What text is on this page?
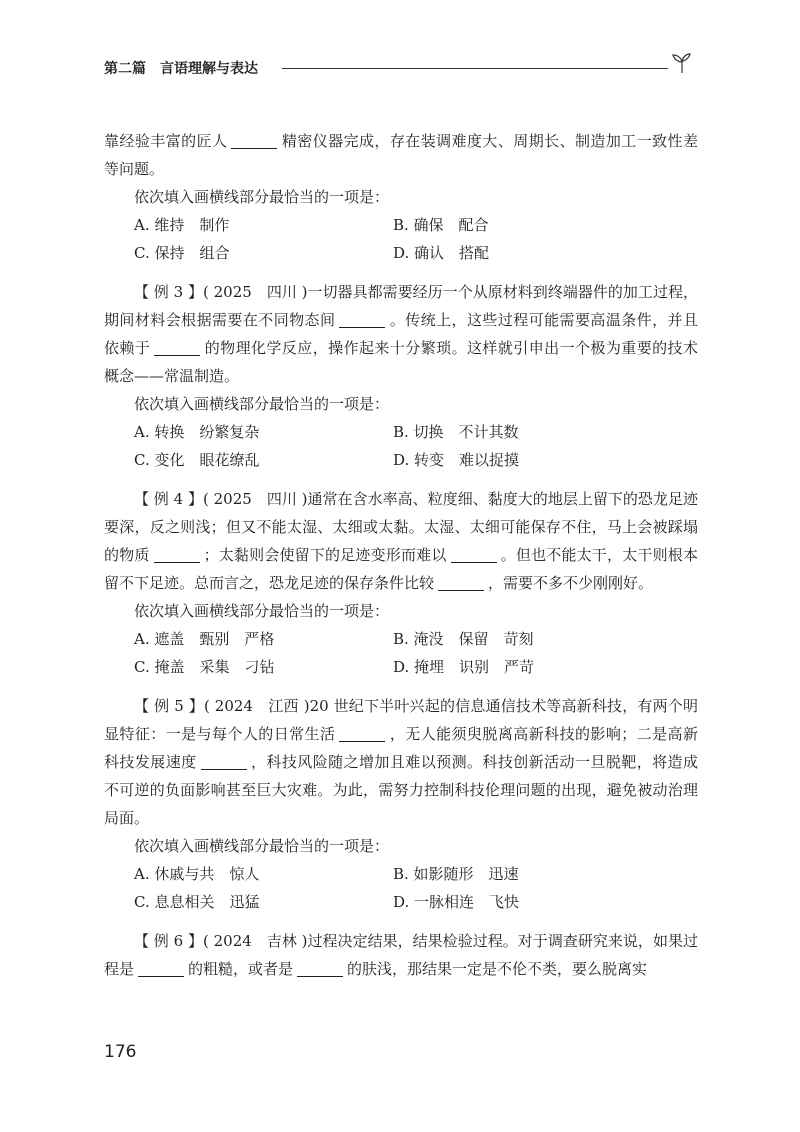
第二篇 言语理解与表达

靠经验丰富的匠人	精密仪器完成，存在装调难度大、周期长、制造加工一致性差等问题。

依次填入画横线部分最恰当的一项是：

A. 维持　制作	B. 确保　配合
C. 保持　组合	D. 确认　搭配

【 例 3 】( 2025　四川 )一切器具都需要经历一个从原材料到终端器件的加工过程，期间材料会根据需要在不同物态间	。传统上，这些过程可能需要高温条件，并且依赖于	的物理化学反应，操作起来十分繁琐。这样就引申出一个极为重要的技术概念——常温制造。

依次填入画横线部分最恰当的一项是：

A. 转换　纷繁复杂	B. 切换　不计其数
C. 变化　眼花缭乱	D. 转变　难以捉摸

【 例 4 】( 2025　四川 )通常在含水率高、粒度细、黏度大的地层上留下的恐龙足迹要深，反之则浅；但又不能太湿、太细或太黏。太湿、太细可能保存不住，马上会被踩塌的物质	；太黏则会使留下的足迹变形而难以	。但也不能太干，太干则根本留不下足迹。总而言之，恐龙足迹的保存条件比较	，需要不多不少刚刚好。

依次填入画横线部分最恰当的一项是：

A. 遮盖　甄别　严格	B. 淹没　保留　苛刻
C. 掩盖　采集　刁钻	D. 掩埋　识别　严苛

【 例 5 】( 2024　江西 )20 世纪下半叶兴起的信息通信技术等高新科技，有两个明显特征：一是与每个人的日常生活	，无人能须臾脱离高新科技的影响；二是高新科技发展速度	，科技风险随之增加且难以预测。科技创新活动一旦脱靶，将造成不可逆的负面影响甚至巨大灾难。为此，需努力控制科技伦理问题的出现，避免被动治理局面。

依次填入画横线部分最恰当的一项是：

A. 休戚与共　惊人	B. 如影随形　迅速
C. 息息相关　迅猛	D. 一脉相连　飞快

【 例 6 】( 2024　吉林 )过程决定结果，结果检验过程。对于调查研究来说，如果过程是	的粗糙，或者是	的肤浅，那结果一定是不伦不类，要么脱离实

176
